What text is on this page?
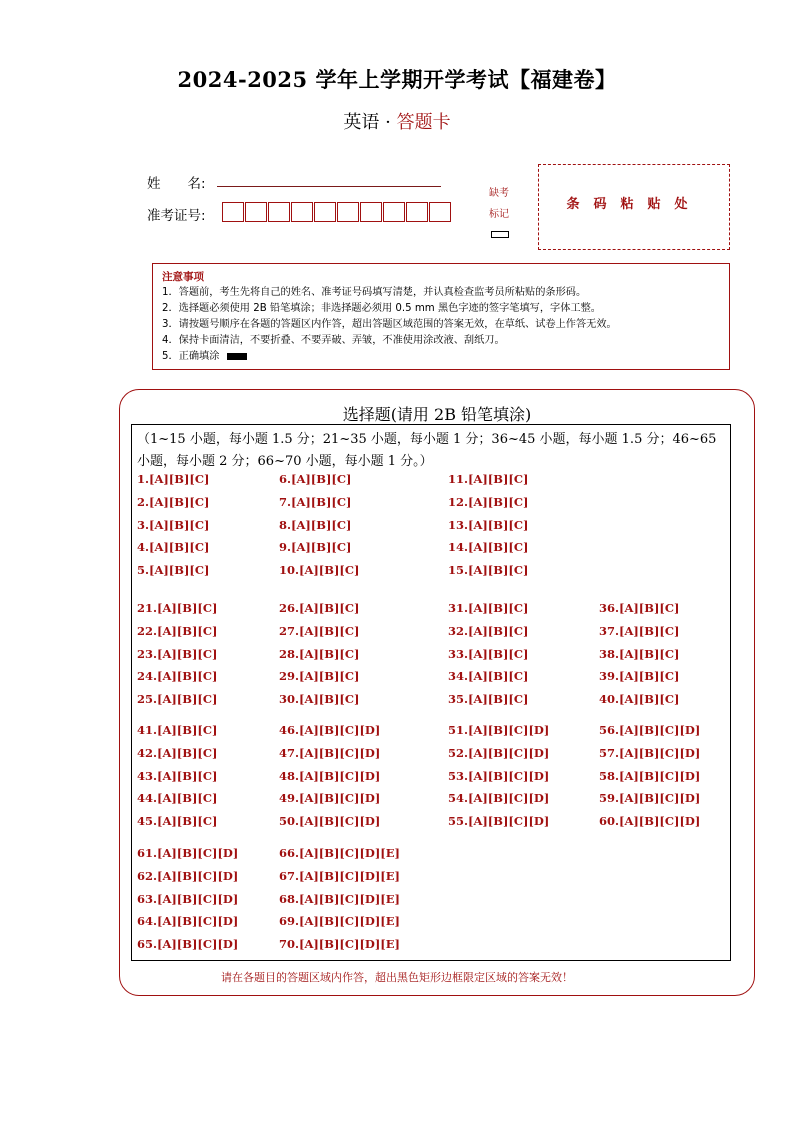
2024-2025 学年上学期开学考试【福建卷】
英语 · 答题卡
姓　　名:
准考证号:
缺考
标记
条码粘贴处
注意事项
1．答题前，考生先将自己的姓名、准考证号码填写清楚，并认真检查监考员所粘贴的条形码。
2．选择题必须使用 2B 铅笔填涂；非选择题必须用 0.5 mm 黑色字迹的签字笔填写，字体工整。
3．请按题号顺序在各题的答题区内作答，超出答题区域范围的答案无效，在草纸、试卷上作答无效。
4．保持卡面清洁，不要折叠、不要弄破、弄皱，不准使用涂改液、刮纸刀。
5．正确填涂
选择题(请用 2B 铅笔填涂)
（1~15 小题，每小题 1.5 分；21~35 小题，每小题 1 分；36~45 小题，每小题 1.5 分；46~65 小题，每小题 2 分；66~70 小题，每小题 1 分。）
1.[A][B][C]
2.[A][B][C]
3.[A][B][C]
4.[A][B][C]
5.[A][B][C]
6.[A][B][C]
7.[A][B][C]
8.[A][B][C]
9.[A][B][C]
10.[A][B][C]
11.[A][B][C]
12.[A][B][C]
13.[A][B][C]
14.[A][B][C]
15.[A][B][C]
21.[A][B][C]
22.[A][B][C]
23.[A][B][C]
24.[A][B][C]
25.[A][B][C]
26.[A][B][C]
27.[A][B][C]
28.[A][B][C]
29.[A][B][C]
30.[A][B][C]
31.[A][B][C]
32.[A][B][C]
33.[A][B][C]
34.[A][B][C]
35.[A][B][C]
36.[A][B][C]
37.[A][B][C]
38.[A][B][C]
39.[A][B][C]
40.[A][B][C]
41.[A][B][C]
42.[A][B][C]
43.[A][B][C]
44.[A][B][C]
45.[A][B][C]
46.[A][B][C][D]
47.[A][B][C][D]
48.[A][B][C][D]
49.[A][B][C][D]
50.[A][B][C][D]
51.[A][B][C][D]
52.[A][B][C][D]
53.[A][B][C][D]
54.[A][B][C][D]
55.[A][B][C][D]
56.[A][B][C][D]
57.[A][B][C][D]
58.[A][B][C][D]
59.[A][B][C][D]
60.[A][B][C][D]
61.[A][B][C][D]
62.[A][B][C][D]
63.[A][B][C][D]
64.[A][B][C][D]
65.[A][B][C][D]
66.[A][B][C][D][E]
67.[A][B][C][D][E]
68.[A][B][C][D][E]
69.[A][B][C][D][E]
70.[A][B][C][D][E]
请在各题目的答题区域内作答，超出黑色矩形边框限定区域的答案无效！
